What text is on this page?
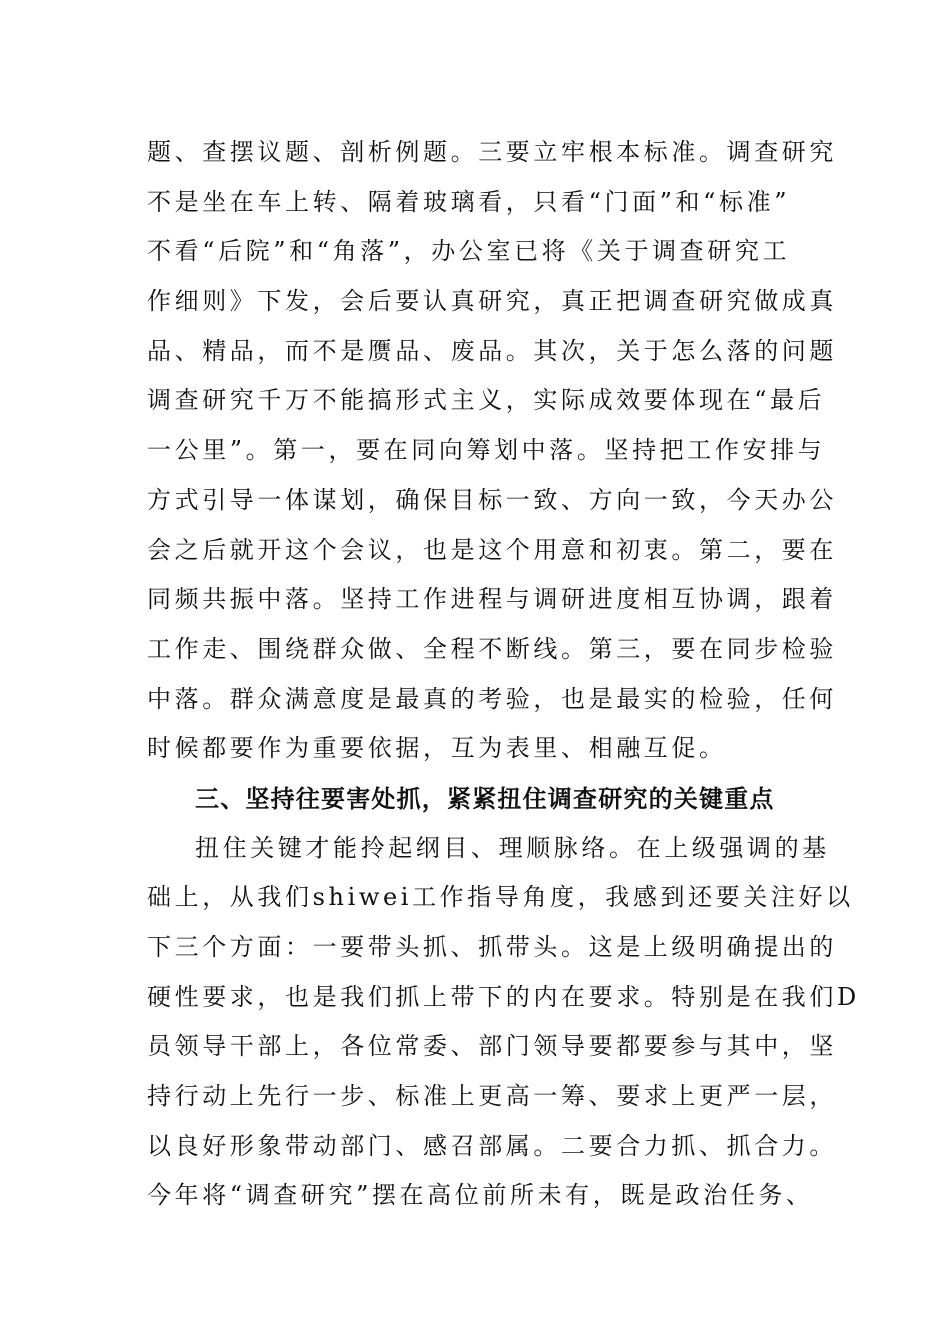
题、查摆议题、剖析例题。三要立牢根本标准。调查研究
不是坐在车上转、隔着玻璃看，只看“门面”和“标准”
不看“后院”和“角落”，办公室已将《关于调查研究工
作细则》下发，会后要认真研究，真正把调查研究做成真
品、精品，而不是赝品、废品。其次，关于怎么落的问题
调查研究千万不能搞形式主义，实际成效要体现在“最后
一公里”。第一，要在同向筹划中落。坚持把工作安排与
方式引导一体谋划，确保目标一致、方向一致，今天办公
会之后就开这个会议，也是这个用意和初衷。第二，要在
同频共振中落。坚持工作进程与调研进度相互协调，跟着
工作走、围绕群众做、全程不断线。第三，要在同步检验
中落。群众满意度是最真的考验，也是最实的检验，任何
时候都要作为重要依据，互为表里、相融互促。
三、坚持往要害处抓，紧紧扭住调查研究的关键重点
扭住关键才能拎起纲目、理顺脉络。在上级强调的基
础上，从我们shiwei工作指导角度，我感到还要关注好以
下三个方面：一要带头抓、抓带头。这是上级明确提出的
硬性要求，也是我们抓上带下的内在要求。特别是在我们D
员领导干部上，各位常委、部门领导要都要参与其中，坚
持行动上先行一步、标准上更高一筹、要求上更严一层，
以良好形象带动部门、感召部属。二要合力抓、抓合力。
今年将“调查研究”摆在高位前所未有，既是政治任务、
